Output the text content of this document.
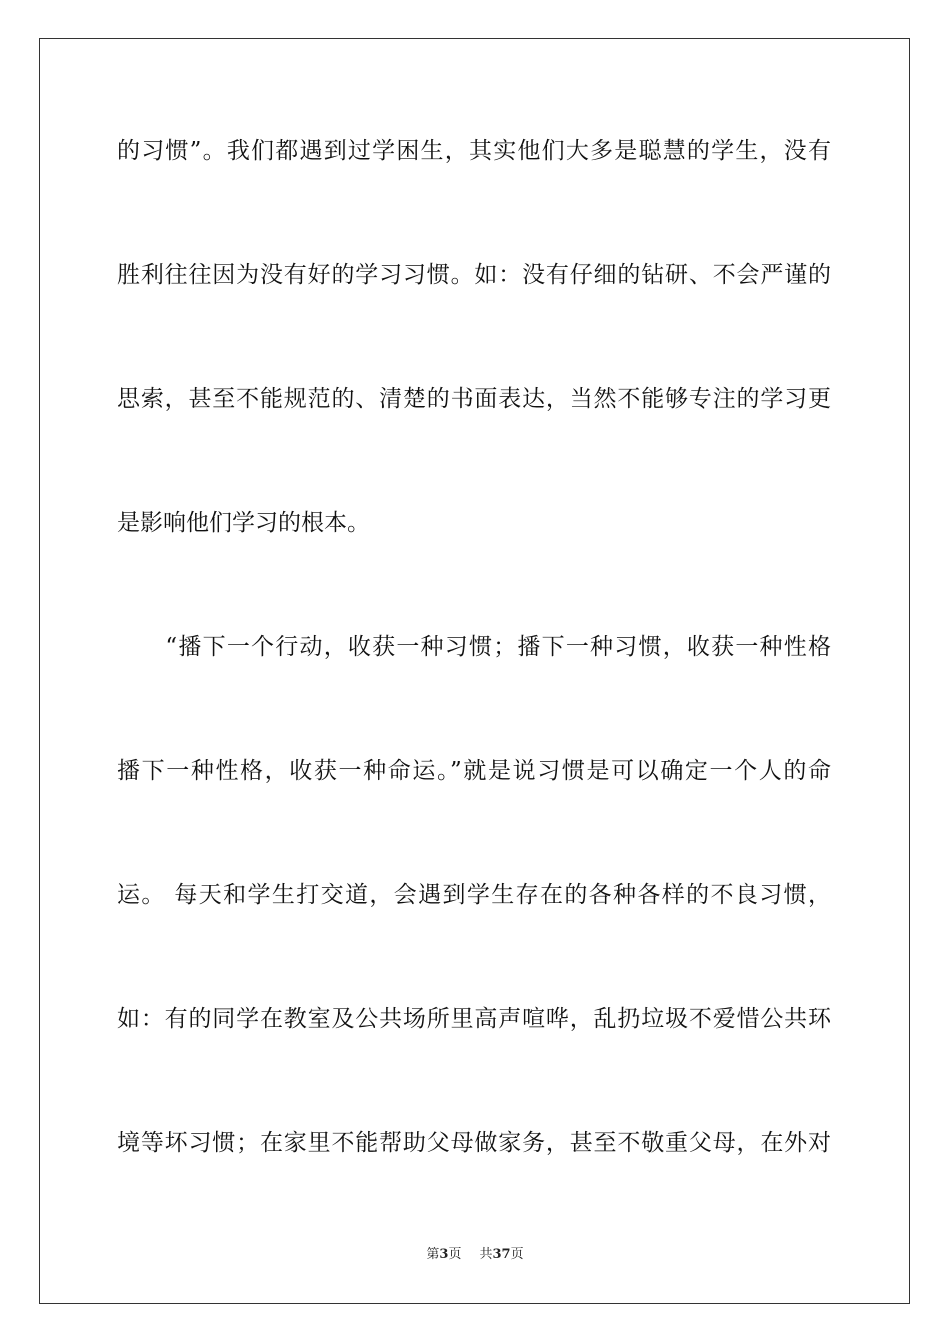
的习惯”。我们都遇到过学困生，其实他们大多是聪慧的学生，没有
胜利往往因为没有好的学习习惯。如：没有仔细的钻研、不会严谨的
思索，甚至不能规范的、清楚的书面表达，当然不能够专注的学习更
是影响他们学习的根本。
　　“播下一个行动，收获一种习惯；播下一种习惯，收获一种性格
播下一种性格，收获一种命运。”就是说习惯是可以确定一个人的命
运。 每天和学生打交道，会遇到学生存在的各种各样的不良习惯，
如：有的同学在教室及公共场所里高声喧哗，乱扔垃圾不爱惜公共环
境等坏习惯；在家里不能帮助父母做家务，甚至不敬重父母，在外对
第3页 共37页
